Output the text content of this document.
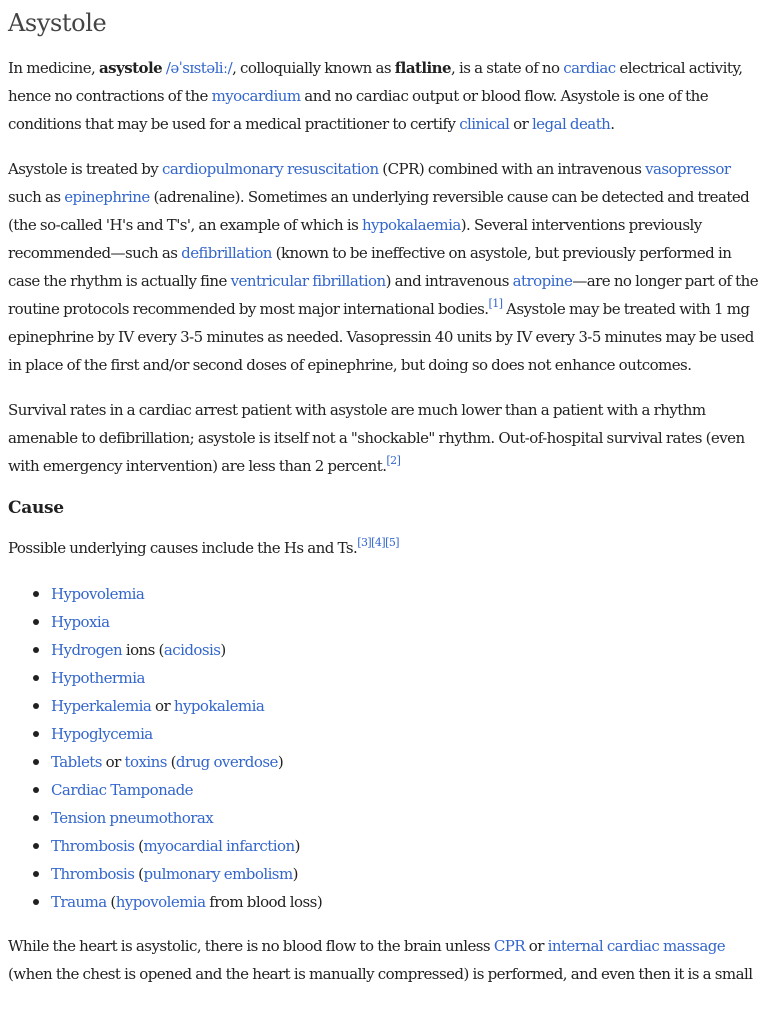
Asystole

In medicine, asystole /əˈsɪstəliː/, colloquially known as flatline, is a state of no cardiac electrical activity, hence no contractions of the myocardium and no cardiac output or blood flow. Asystole is one of the conditions that may be used for a medical practitioner to certify clinical or legal death.

Asystole is treated by cardiopulmonary resuscitation (CPR) combined with an intravenous vasopressor such as epinephrine (adrenaline). Sometimes an underlying reversible cause can be detected and treated (the so-called 'H's and T's', an example of which is hypokalaemia). Several interventions previously recommended—such as defibrillation (known to be ineffective on asystole, but previously performed in case the rhythm is actually fine ventricular fibrillation) and intravenous atropine—are no longer part of the routine protocols recommended by most major international bodies.[1] Asystole may be treated with 1 mg epinephrine by IV every 3-5 minutes as needed. Vasopressin 40 units by IV every 3-5 minutes may be used in place of the first and/or second doses of epinephrine, but doing so does not enhance outcomes.

Survival rates in a cardiac arrest patient with asystole are much lower than a patient with a rhythm amenable to defibrillation; asystole is itself not a "shockable" rhythm. Out-of-hospital survival rates (even with emergency intervention) are less than 2 percent.[2]

Cause

Possible underlying causes include the Hs and Ts.[3][4][5]

Hypovolemia
Hypoxia
Hydrogen ions (acidosis)
Hypothermia
Hyperkalemia or hypokalemia
Hypoglycemia
Tablets or toxins (drug overdose)
Cardiac Tamponade
Tension pneumothorax
Thrombosis (myocardial infarction)
Thrombosis (pulmonary embolism)
Trauma (hypovolemia from blood loss)

While the heart is asystolic, there is no blood flow to the brain unless CPR or internal cardiac massage (when the chest is opened and the heart is manually compressed) is performed, and even then it is a small
